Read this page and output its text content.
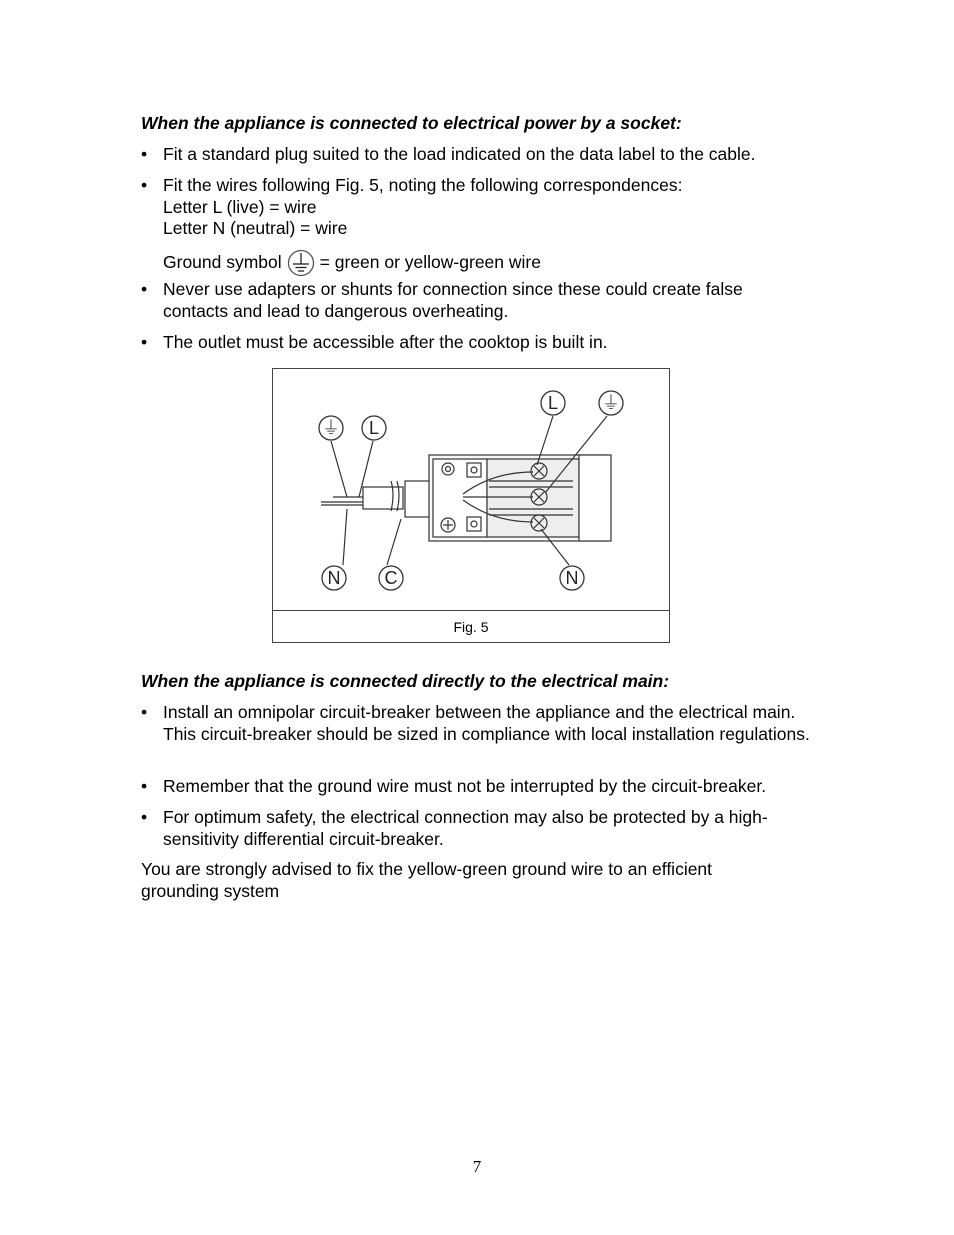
When the appliance is connected to electrical power by a socket:
• Fit a standard plug suited to the load indicated on the data label to the cable.
• Fit the wires following Fig. 5, noting the following correspondences:
Letter L (live) = wire
Letter N (neutral) = wire
Ground symbol = green or yellow-green wire
• Never use adapters or shunts for connection since these could create false contacts and lead to dangerous overheating.
• The outlet must be accessible after the cooktop is built in.
⏚ L
L ⏚
N C	N
Fig. 5
When the appliance is connected directly to the electrical main:
• Install an omnipolar circuit-breaker between the appliance and the electrical main. This circuit-breaker should be sized in compliance with local installation regulations.
• Remember that the ground wire must not be interrupted by the circuit-breaker.
• For optimum safety, the electrical connection may also be protected by a high-sensitivity differential circuit-breaker.
You are strongly advised to fix the yellow-green ground wire to an efficient grounding system
7
